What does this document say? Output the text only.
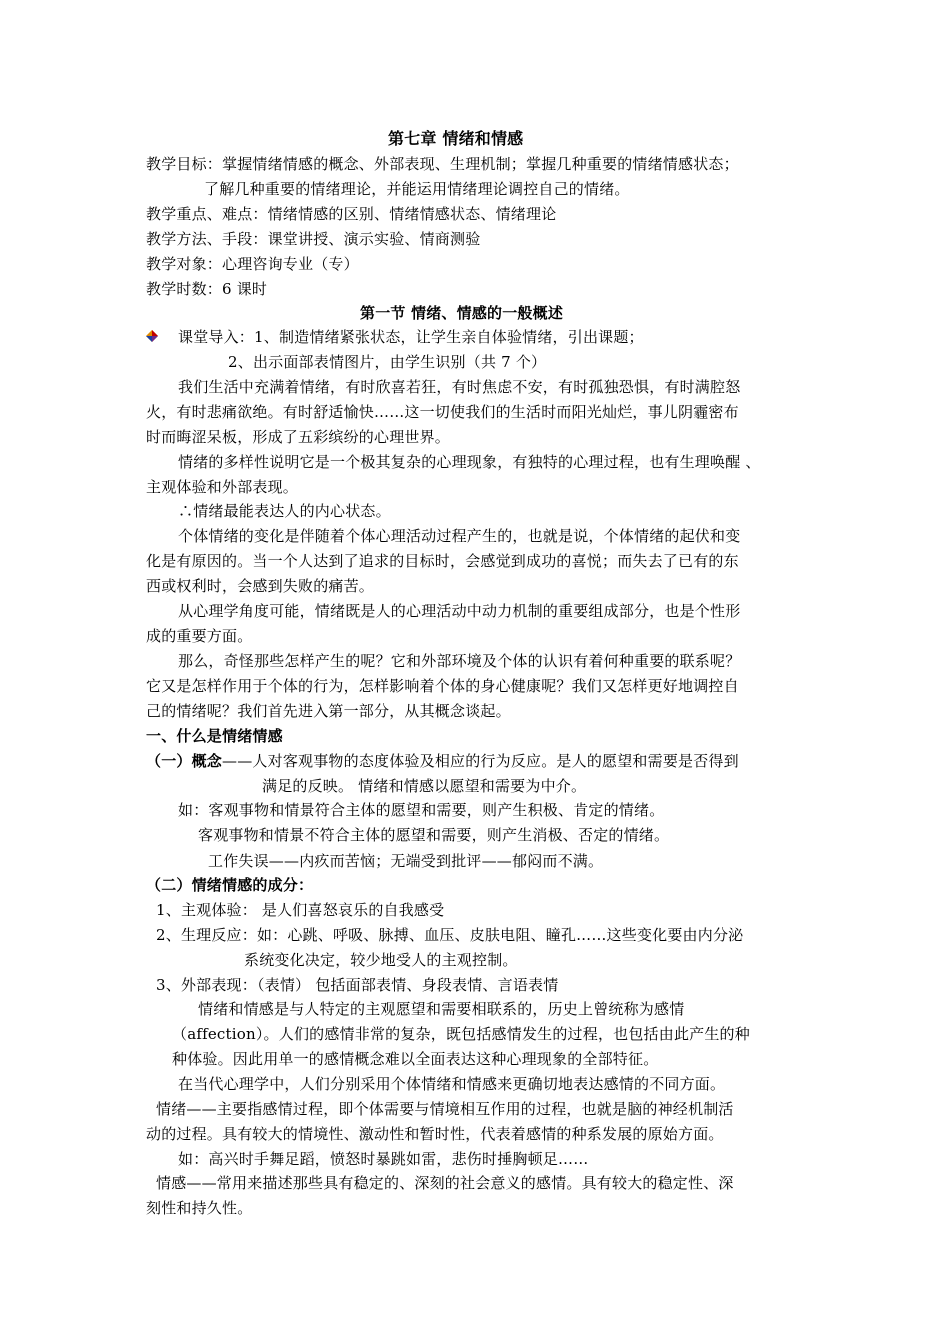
第七章 情绪和情感
教学目标：掌握情绪情感的概念、外部表现、生理机制；掌握几种重要的情绪情感状态；
了解几种重要的情绪理论，并能运用情绪理论调控自己的情绪。
教学重点、难点：情绪情感的区别、情绪情感状态、情绪理论
教学方法、手段：课堂讲授、演示实验、情商测验
教学对象：心理咨询专业（专）
教学时数：6 课时
第一节 情绪、情感的一般概述
课堂导入：1、制造情绪紧张状态，让学生亲自体验情绪，引出课题；
2、出示面部表情图片，由学生识别（共 7 个）
我们生活中充满着情绪，有时欣喜若狂，有时焦虑不安，有时孤独恐惧，有时满腔怒
火，有时悲痛欲绝。有时舒适愉快……这一切使我们的生活时而阳光灿烂，事儿阴霾密布
时而晦涩呆板，形成了五彩缤纷的心理世界。
情绪的多样性说明它是一个极其复杂的心理现象，有独特的心理过程，也有生理唤醒 、
主观体验和外部表现。
∴情绪最能表达人的内心状态。
个体情绪的变化是伴随着个体心理活动过程产生的，也就是说，个体情绪的起伏和变
化是有原因的。当一个人达到了追求的目标时，会感觉到成功的喜悦；而失去了已有的东
西或权利时，会感到失败的痛苦。
从心理学角度可能，情绪既是人的心理活动中动力机制的重要组成部分，也是个性形
成的重要方面。
那么，奇怪那些怎样产生的呢？它和外部环境及个体的认识有着何种重要的联系呢？
它又是怎样作用于个体的行为，怎样影响着个体的身心健康呢？我们又怎样更好地调控自
己的情绪呢？我们首先进入第一部分，从其概念谈起。
一、什么是情绪情感
（一）概念——人对客观事物的态度体验及相应的行为反应。是人的愿望和需要是否得到
满足的反映。 情绪和情感以愿望和需要为中介。
如：客观事物和情景符合主体的愿望和需要，则产生积极、肯定的情绪。
客观事物和情景不符合主体的愿望和需要，则产生消极、否定的情绪。
工作失误——内疚而苦恼；无端受到批评——郁闷而不满。
（二）情绪情感的成分：
1、主观体验： 是人们喜怒哀乐的自我感受
2、生理反应：如：心跳、呼吸、脉搏、血压、皮肤电阻、瞳孔……这些变化要由内分泌
系统变化决定，较少地受人的主观控制。
3、外部表现：（表情） 包括面部表情、身段表情、言语表情
情绪和情感是与人特定的主观愿望和需要相联系的，历史上曾统称为感情
（affection）。人们的感情非常的复杂，既包括感情发生的过程，也包括由此产生的种
种体验。因此用单一的感情概念难以全面表达这种心理现象的全部特征。
在当代心理学中，人们分别采用个体情绪和情感来更确切地表达感情的不同方面。
情绪——主要指感情过程，即个体需要与情境相互作用的过程，也就是脑的神经机制活
动的过程。具有较大的情境性、激动性和暂时性，代表着感情的种系发展的原始方面。
如：高兴时手舞足蹈，愤怒时暴跳如雷，悲伤时捶胸顿足……
情感——常用来描述那些具有稳定的、深刻的社会意义的感情。具有较大的稳定性、深
刻性和持久性。
